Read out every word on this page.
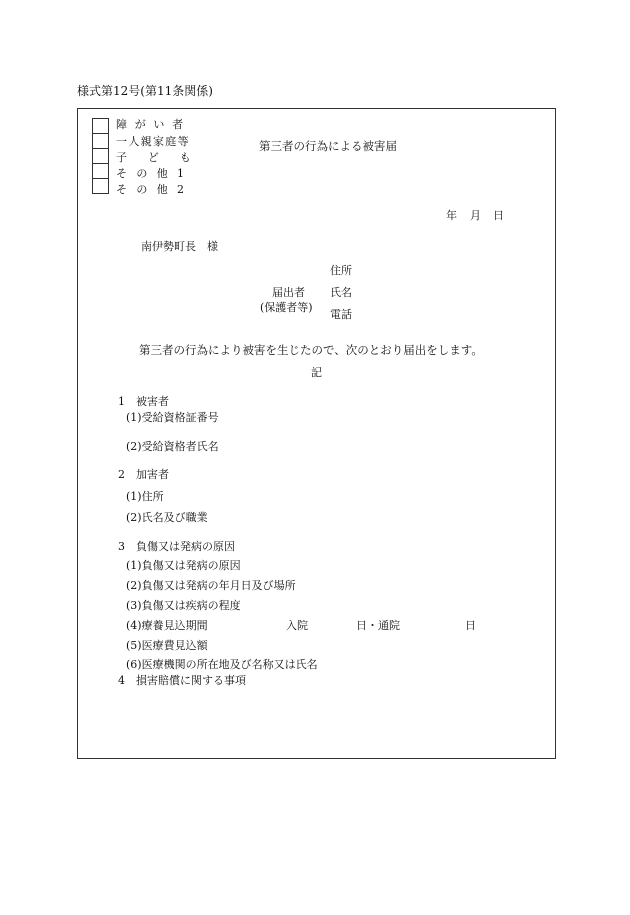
様式第12号(第11条関係)
障がい者
一人親家庭等
子ども
その他1
その他2
第三者の行為による被害届
年 月 日
南伊勢町長　様
住所
届出者 氏名
(保護者等)
電話
第三者の行為により被害を生じたので、次のとおり届出をします。
記
1　被害者
(1)受給資格証番号
(2)受給資格者氏名
2　加害者
(1)住所
(2)氏名及び職業
3　負傷又は発病の原因
(1)負傷又は発病の原因
(2)負傷又は発病の年月日及び場所
(3)負傷又は疾病の程度
(4)療養見込期間	入院	日・通院	日
(5)医療費見込額
(6)医療機関の所在地及び名称又は氏名
4　損害賠償に関する事項
